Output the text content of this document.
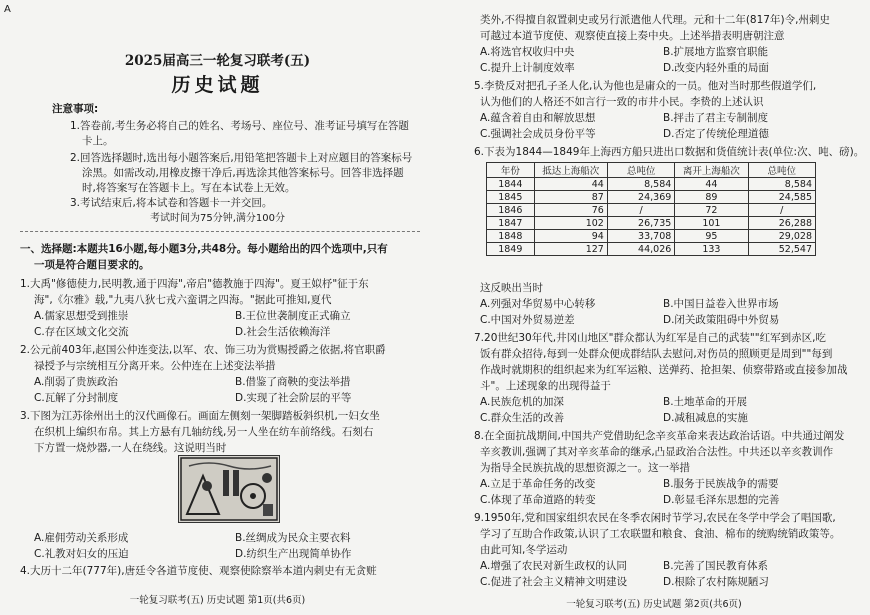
A
2025届高三一轮复习联考(五)
历史试题
注意事项:
1.答卷前,考生务必将自己的姓名、考场号、座位号、准考证号填写在答题
卡上。
2.回答选择题时,选出每小题答案后,用铅笔把答题卡上对应题目的答案标号
涂黑。如需改动,用橡皮擦干净后,再选涂其他答案标号。回答非选择题
时,将答案写在答题卡上。写在本试卷上无效。
3.考试结束后,将本试卷和答题卡一并交回。
考试时间为75分钟,满分100分
一、选择题:本题共16小题,每小题3分,共48分。每小题给出的四个选项中,只有
一项是符合题目要求的。
1.大禹"修德使力,民明教,通于四海",帝启"德教施于四海"。夏王姒杼"征于东
海",《尔雅》载,"九夷八狄七戎六蛮谓之四海。"据此可推知,夏代
A.儒家思想受到推崇	B.王位世袭制度正式确立
C.存在区域文化交流	D.社会生活依赖海洋
2.公元前403年,赵国公仲连变法,以军、农、饰三功为赏赐授爵之依据,将官职爵
禄授予与宗统相互分离开来。公仲连在上述变法举措
A.削弱了贵族政治	B.借鉴了商鞅的变法举措
C.瓦解了分封制度	D.实现了社会阶层的平等
3.下图为江苏徐州出土的汉代画像石。画面左侧刻一架脚踏板斜织机,一妇女坐
在织机上编织布帛。其上方悬有几轴纺线,另一人坐在纺车前络线。石刻右
下方置一烧炒器,一人在绕线。这说明当时
A.雇佣劳动关系形成	B.丝绸成为民众主要衣料
C.礼教对妇女的压迫	D.纺织生产出现简单协作
4.大历十二年(777年),唐廷令各道节度使、观察使除察举本道内刺史有无贪赃
一轮复习联考(五) 历史试题 第1页(共6页)
类外,不得擅自叙置刺史或另行派遣他人代理。元和十二年(817年)令,州刺史
可越过本道节度使、观察使直接上奏中央。上述举措表明唐朝注意
A.将选官权收归中央	B.扩展地方监察官职能
C.提升上计制度效率	D.改变内轻外重的局面
5.李贽反对把孔子圣人化,认为他也是庸众的一员。他对当时那些假道学们,
认为他们的人格还不如言行一致的市井小民。李贽的上述认识
A.蕴含着自由和解放思想	B.抨击了君主专制制度
C.强调社会成员身份平等	D.否定了传统伦理道德
6.下表为1844—1849年上海西方船只进出口数据和货值统计表(单位:次、吨、磅)。
年份	抵达上海船次	总吨位	离开上海船次	总吨位
1844	44	8,584	44	8,584
1845	87	24,369	89	24,585
1846	76	/	72	/
1847	102	26,735	101	26,288
1848	94	33,708	95	29,028
1849	127	44,026	133	52,547
这反映出当时
A.列强对华贸易中心转移	B.中国日益卷入世界市场
C.中国对外贸易逆差	D.闭关政策阻碍中外贸易
7.20世纪30年代,井冈山地区"群众都认为红军是自己的武装""红军到赤区,吃
饭有群众招待,每到一处群众便成群结队去慰问,对伤员的照顾更是周到""每到
作战时就期积的组织起来为红军运粮、送弹药、抢担架、侦察带路或直接参加战
斗"。上述现象的出现得益于
A.民族危机的加深	B.土地革命的开展
C.群众生活的改善	D.减租减息的实施
8.在全面抗战期间,中国共产党借助纪念辛亥革命来表达政治话语。中共通过阐发
辛亥教训,强调了其对辛亥革命的继承,凸显政治合法性。中共还以辛亥教训作
为指导全民族抗战的思想资源之一。这一举措
A.立足于革命任务的改变	B.服务于民族战争的需要
C.体现了革命道路的转变	D.彰显毛泽东思想的完善
9.1950年,党和国家组织农民在冬季农闲时节学习,农民在冬学中学会了唱国歌,
学习了互助合作政策,认识了工农联盟和粮食、食油、棉布的统购统销政策等。
由此可知,冬学运动
A.增强了农民对新生政权的认同	B.完善了国民教育体系
C.促进了社会主义精神文明建设	D.根除了农村陈规陋习
一轮复习联考(五) 历史试题 第2页(共6页)
